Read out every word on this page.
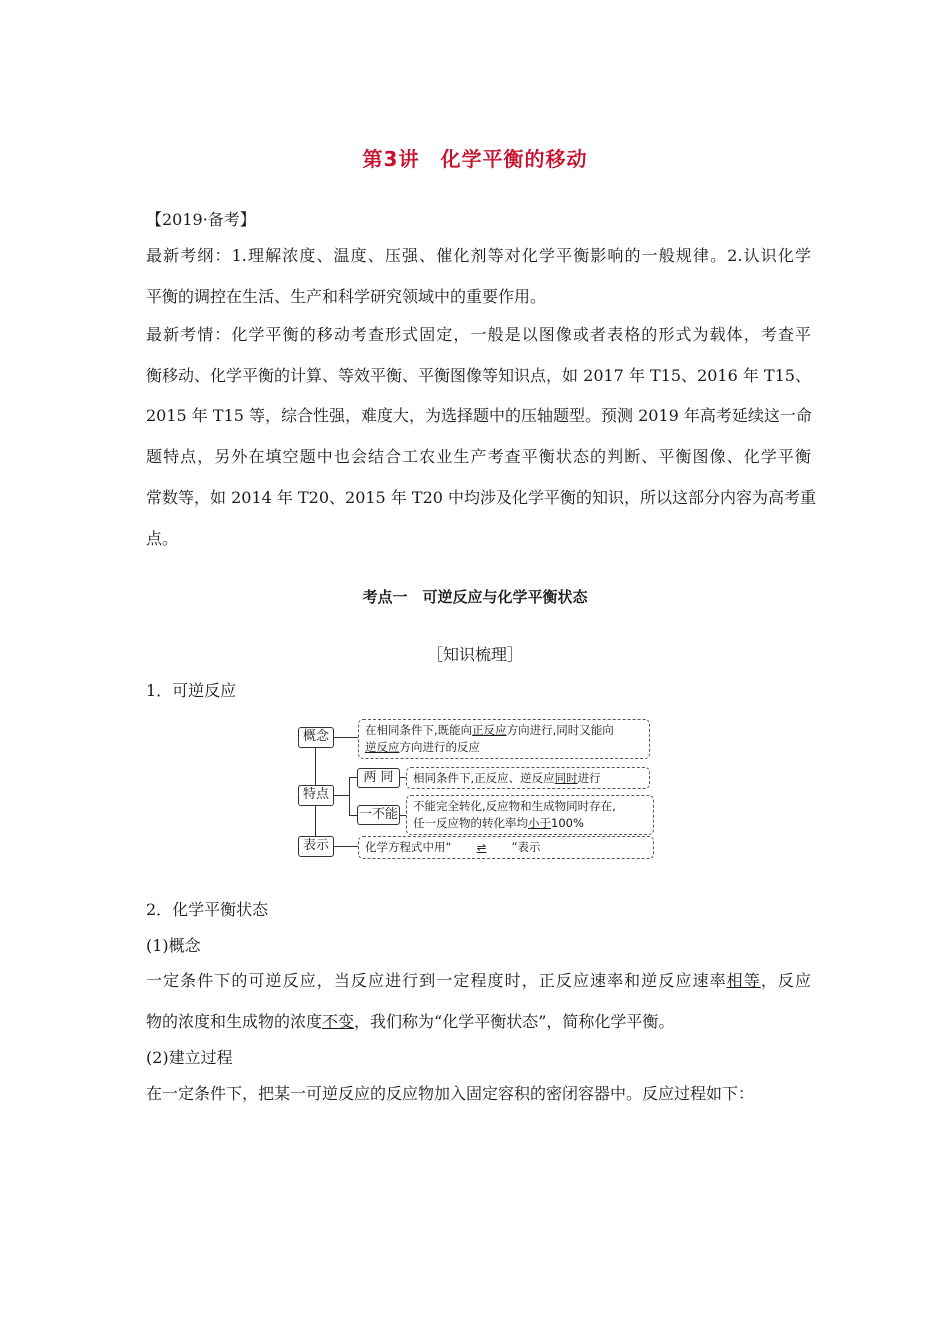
第3讲　化学平衡的移动
【2019·备考】
最新考纲：1.理解浓度、温度、压强、催化剂等对化学平衡影响的一般规律。2.认识化学
平衡的调控在生活、生产和科学研究领域中的重要作用。
最新考情：化学平衡的移动考查形式固定，一般是以图像或者表格的形式为载体，考查平
衡移动、化学平衡的计算、等效平衡、平衡图像等知识点，如 2017 年 T15、2016 年 T15、
2015 年 T15 等，综合性强，难度大，为选择题中的压轴题型。预测 2019 年高考延续这一命
题特点，另外在填空题中也会结合工农业生产考查平衡状态的判断、平衡图像、化学平衡
常数等，如 2014 年 T20、2015 年 T20 中均涉及化学平衡的知识，所以这部分内容为高考重
点。
考点一　可逆反应与化学平衡状态
［知识梳理］
1．可逆反应
概念
特点
表示
两 同
一不能
在相同条件下,既能向正反应方向进行,同时又能向
逆反应方向进行的反应
相同条件下,正反应、逆反应同时进行
不能完全转化,反应物和生成物同时存在,
任一反应物的转化率均小于100%
化学方程式中用“ ⇌ ”表示
2．化学平衡状态
(1)概念
一定条件下的可逆反应，当反应进行到一定程度时，正反应速率和逆反应速率相等，反应
物的浓度和生成物的浓度不变，我们称为“化学平衡状态”，简称化学平衡。
(2)建立过程
在一定条件下，把某一可逆反应的反应物加入固定容积的密闭容器中。反应过程如下：
